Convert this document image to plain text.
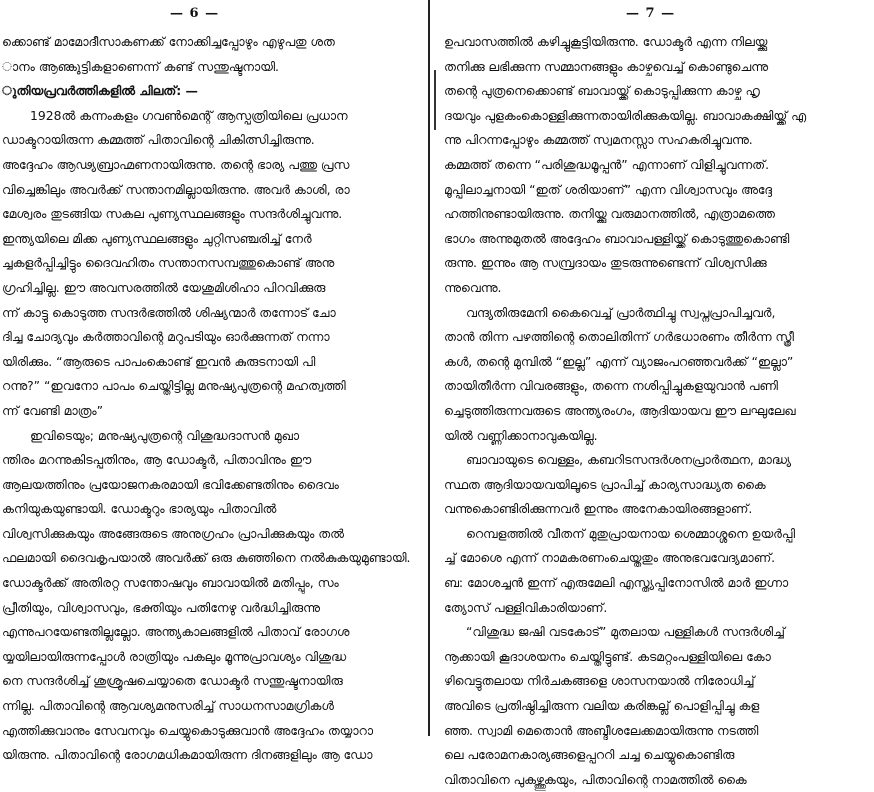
— 6 —
ക്കൊണ്ട് മാമോദീസാകണക്ക് നോക്കിച്ചപ്പോഴും എഴുപതു ശത
ാനം ആണ്കുട്ടികളാണെന്ന് കണ്ട് സന്തുഷ്ടനായി.
ുതിയപ്രവർത്തികളിൽ ചിലത്: —
1928ൽ കന്നംകളം ഗവൺമെന്റ് ആസ്പത്രിയിലെ പ്രധാന
ഡാക്ടറായിരുന്ന കമ്മത്ത് പിതാവിന്റെ ചികിത്സിച്ചിരുന്നു.
അദ്ദേഹം ആഢ്യബ്രാഹ്മണനായിരുന്നു. തന്റെ ഭാര്യ പത്തു പ്രസ
വിച്ചെങ്കിലും അവർക്ക് സന്താനമില്ലായിരുന്നു. അവർ കാശി, രാ
മേശ്വരം തുടങ്ങിയ സകല പുണ്യസ്ഥലങ്ങളും സന്ദർശിച്ചുവന്നു.
ഇന്ത്യയിലെ മിക്ക പുണ്യസ്ഥലങ്ങളും ചുറ്റിസഞ്ചരിച്ച് നേർ
ച്ചകളർപ്പിച്ചിട്ടും ദൈവഹിതം സന്താനസമ്പത്തുകൊണ്ട് അനു
ഗ്രഹിച്ചില്ല. ഈ അവസരത്തിൽ യേശുമിശിഹാ പിറവിക്കുരു
ന്ന് കാട്ടു കൊടുത്ത സന്ദർഭത്തിൽ ശിഷ്യന്മാർ തന്നോട് ചോ
ദിച്ച ചോദ്യവും കർത്താവിന്റെ മറുപടിയും ഓർക്കുന്നത് നന്നാ
യിരിക്കും. “ആരുടെ പാപംകൊണ്ട് ഇവൻ കുരുടനായി പി
റന്നു?” “ഇവനോ പാപം ചെയ്തിട്ടില്ല മനുഷ്യപുത്രന്റെ മഹത്വത്തി
ന്ന് വേണ്ടി മാത്രം”
ഇവിടെയും; മനുഷ്യപുത്രന്റെ വിശുദ്ധദാസൻ മുഖാ
ന്തിരം മറന്നുകിടപ്പതിനും, ആ ഡോക്ടർ, പിതാവിനും ഈ
ആലയത്തിനും പ്രയോജനകരമായി ഭവിക്കേണ്ടതിനും ദൈവം
കനിയുകയുണ്ടായി. ഡോക്ടറും ഭാര്യയും പിതാവിൽ
വിശ്വസിക്കുകയും അങ്ങേരുടെ അനുഗ്രഹം പ്രാപിക്കുകയും തൽ
ഫലമായി ദൈവകൃപയാൽ അവർക്ക് ഒരു കുഞ്ഞിനെ നൽകുകയുമുണ്ടായി.
ഡോക്ടർക്ക് അതിരറ്റ സന്തോഷവും ബാവായിൽ മതിപ്പും, സം
പ്രീതിയും, വിശ്വാസവും, ഭക്തിയും പതിനേഴു വർദ്ധിച്ചിരുന്നു
എന്നുപറയേണ്ടതില്ലല്ലോ. അന്ത്യകാലങ്ങളിൽ പിതാവ് രോഗശ
യ്യയിലായിരുന്നപ്പോൾ രാത്രിയും പകലും മൂന്നുപ്രാവശ്യം വിശുദ്ധ
നെ സന്ദർശിച്ച് ശുശ്രൂഷചെയ്യാതെ ഡോക്ടർ സന്തുഷ്ടനായിരു
ന്നില്ല. പിതാവിന്റെ ആവശ്യമനുസരിച്ച് സാധനസാമഗ്രികൾ
എത്തിക്കുവാനും സേവനവും ചെയ്യുകൊടുക്കുവാൻ അദ്ദേഹം തയ്യാറാ
യിരുന്നു. പിതാവിന്റെ രോഗമധികമായിരുന്ന ദിനങ്ങളിലും ആ ഡോ
— 7 —
ഉപവാസത്തിൽ കഴിച്ചുകൂട്ടിയിരുന്നു. ഡോക്ടർ എന്ന നിലയ്ക്കു
തനിക്കു ലഭിക്കുന്ന സമ്മാനങ്ങളും കാഴ്ചവെച്ച് കൊണ്ടുചെന്നു
തന്റെ പുത്രനെക്കൊണ്ട് ബാവായ്ക്ക് കൊടുപ്പിക്കുന്ന കാഴ്ച ഹൃ
ദയവും പുളകംകൊള്ളിക്കുന്നതായിരിക്കുകയില്ല. ബാവാകക്ഷിയ്ക്ക് എ
ന്നു പിറന്നപ്പോഴും കമ്മത്ത് സ്വമനസ്സാ സഹകരിച്ചുവന്നു.
കമ്മത്ത് തന്നെ “പരിശുദ്ധമൂപ്പൻ” എന്നാണ് വിളിച്ചുവന്നത്.
മൂപ്പിലാച്ചനായി “ഇത് ശരിയാണ്” എന്ന വിശ്വാസവും അദ്ദേ
ഹത്തിനുണ്ടായിരുന്നു. തനിയ്ക്കു വരുമാനത്തിൽ, എത്രാമത്തെ
ഭാഗം അന്നുമുതൽ അദ്ദേഹം ബാവാപള്ളിയ്ക്ക് കൊടുത്തുകൊണ്ടി
രുന്നു. ഇന്നും ആ സമ്പ്രദായം തുടരുന്നുണ്ടെന്ന് വിശ്വസിക്കു
ന്നുവെന്നു.
വന്ദ്യതിരുമേനി കൈവെച്ച് പ്രാർത്ഥിച്ചു സ്വപ്നപ്രാപിച്ചവർ,
താൻ തിന്ന പഴത്തിന്റെ തൊലിതിന്ന് ഗർഭധാരണം തീർന്ന സ്ത്രീ
കൾ, തന്റെ മുമ്പിൽ “ഇല്ല” എന്ന് വ്യാജംപറഞ്ഞവർക്ക് “ഇല്ലാ”
തായിതീർന്ന വിവരങ്ങളും, തന്നെ നശിപ്പിച്ചുകളയുവാൻ പണി
ച്ചെടുത്തിരുന്നവരുടെ അന്ത്യരംഗം, ആദിയായവ ഈ ലഘുലേഖ
യിൽ വണ്ണിക്കാനാവുകയില്ല.
ബാവായുടെ വെള്ളം, കബറിടസന്ദർശനപ്രാർത്ഥന, മാദ്ധ്യ
സ്ഥത ആദിയായവയിലൂടെ പ്രാപിച്ച് കാര്യസാദ്ധ്യത കൈ
വന്നുകൊണ്ടിരിക്കുന്നവർ ഇന്നും അനേകായിരങ്ങളാണ്.
റെമ്പളത്തിൽ വീതന് മുതുപ്രായനായ ശെമ്മാശ്ശനെ ഉയർപ്പി
ച്ച് മോശെ എന്ന് നാമകരണംചെയ്തതും അനുഭവവേദ്യമാണ്.
ബ: മോശച്ചൻ ഇന്ന് എരുമേലി എസ്ത്യപ്പിനോസിൽ മാർ ഇഗ്നാ
ത്യോസ് പള്ളിവികാരിയാണ്.
“വിശുദ്ധ ജഷി വടകോട്” മുതലായ പള്ളികൾ സന്ദർശിച്ച്
നൂക്കായി കൂദാശയനം ചെയ്തിട്ടുണ്ട്. കടമറ്റംപള്ളിയിലെ കോ
ഴിവെട്ടുതലായ നിർചകങ്ങളെ ശാസനയാൽ നിരോധിച്ച്
അവിടെ പ്രതിഷ്ഠിച്ചിരുന്ന വലിയ കരിങ്കല്ല് പൊളിപ്പിച്ചു കള
ഞ്ഞ. സ്വാമി മെതൊൻ അബ്ദീശലേക്കമായിരുന്നു നടത്തി
ലെ പരോമനകാര്യങ്ങളെപ്പററി ചച്ച ചെയ്യുകൊണ്ടിരു
വിതാവിനെ പുകഴ്ത്തുകയും, പിതാവിന്റെ നാമത്തിൽ കൈ
